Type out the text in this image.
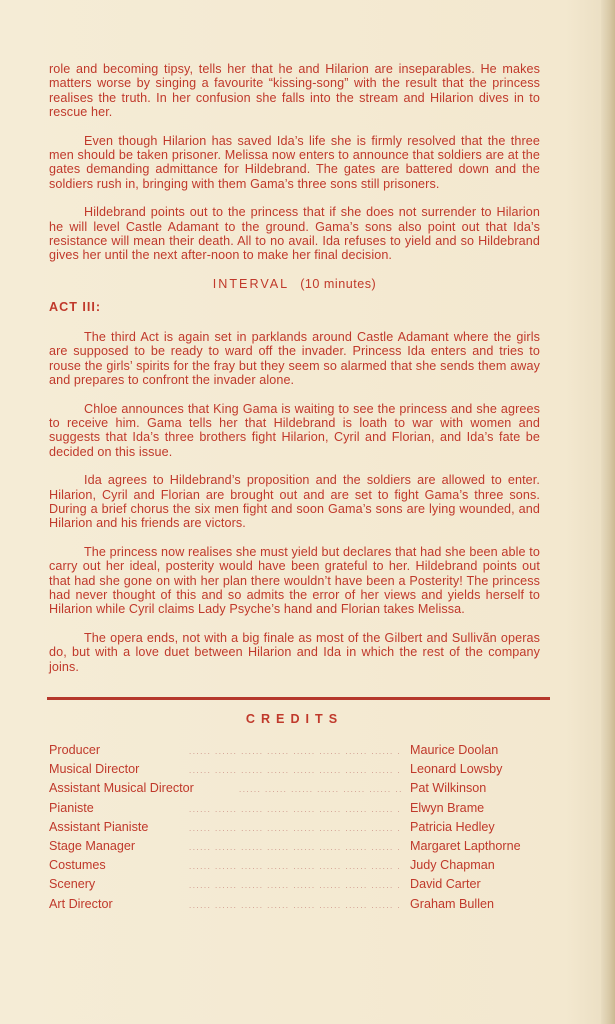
role and becoming tipsy, tells her that he and Hilarion are inseparables. He makes matters worse by singing a favourite “kissing-song” with the result that the princess realises the truth. In her confusion she falls into the stream and Hilarion dives in to rescue her.

Even though Hilarion has saved Ida’s life she is firmly resolved that the three men should be taken prisoner. Melissa now enters to announce that soldiers are at the gates demanding admittance for Hildebrand. The gates are battered down and the soldiers rush in, bringing with them Gama’s three sons still prisoners.

Hildebrand points out to the princess that if she does not surrender to Hilarion he will level Castle Adamant to the ground. Gama’s sons also point out that Ida’s resistance will mean their death. All to no avail. Ida refuses to yield and so Hildebrand gives her until the next after-noon to make her final decision.

INTERVAL (10 minutes)
ACT III:

The third Act is again set in parklands around Castle Adamant where the girls are supposed to be ready to ward off the invader. Princess Ida enters and tries to rouse the girls’ spirits for the fray but they seem so alarmed that she sends them away and prepares to confront the invader alone.

Chloe announces that King Gama is waiting to see the princess and she agrees to receive him. Gama tells her that Hildebrand is loath to war with women and suggests that Ida’s three brothers fight Hilarion, Cyril and Florian, and Ida’s fate be decided on this issue.

Ida agrees to Hildebrand’s proposition and the soldiers are allowed to enter. Hilarion, Cyril and Florian are brought out and are set to fight Gama’s three sons. During a brief chorus the six men fight and soon Gama’s sons are lying wounded, and Hilarion and his friends are victors.

The princess now realises she must yield but declares that had she been able to carry out her ideal, posterity would have been grateful to her. Hildebrand points out that had she gone on with her plan there wouldn’t have been a Posterity! The princess had never thought of this and so admits the error of her views and yields herself to Hilarion while Cyril claims Lady Psyche’s hand and Florian takes Melissa.

The opera ends, not with a big finale as most of the Gilbert and Sullivãn operas do, but with a love duet between Hilarion and Ida in which the rest of the company joins.

CREDITS
Producer .....	Maurice Doolan
Musical Director .....	Leonard Lowsby
Assistant Musical Director .....	Pat Wilkinson
Pianiste .....	Elwyn Brame
Assistant Pianiste .....	Patricia Hedley
Stage Manager .....	Margaret Lapthorne
Costumes .....	Judy Chapman
Scenery .....	David Carter
Art Director .....	Graham Bullen
